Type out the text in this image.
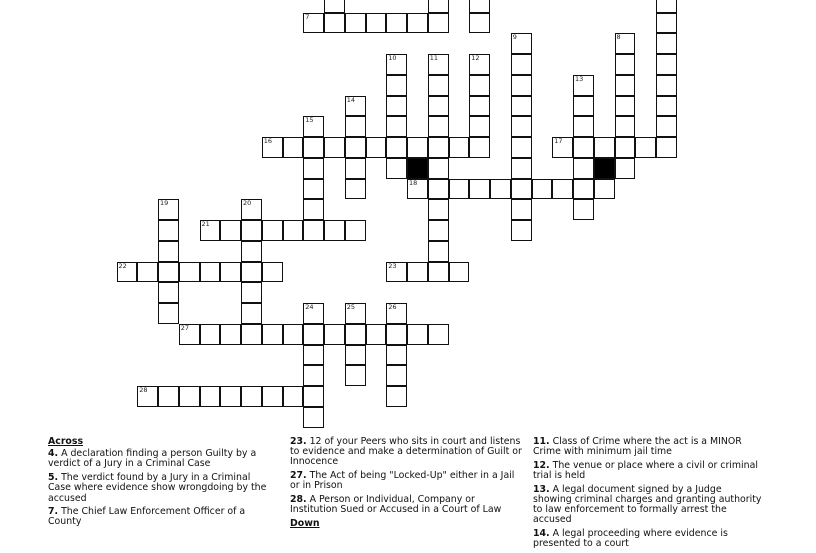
7
9	8
10	11	12
13
14
15
16	17
18
19	20
21
22	23
24	25	26
27
28
Across
4. A declaration finding a person Guilty by a verdict of a Jury in a Criminal Case
5. The verdict found by a Jury in a Criminal Case where evidence show wrongdoing by the accused
7. The Chief Law Enforcement Officer of a County
23. 12 of your Peers who sits in court and listens to evidence and make a determination of Guilt or Innocence
27. The Act of being "Locked-Up" either in a Jail or in Prison
28. A Person or Individual, Company or Institution Sued or Accused in a Court of Law
Down
11. Class of Crime where the act is a MINOR Crime with minimum jail time
12. The venue or place where a civil or criminal trial is held
13. A legal document signed by a Judge showing criminal charges and granting authority to law enforcement to formally arrest the accused
14. A legal proceeding where evidence is presented to a court
